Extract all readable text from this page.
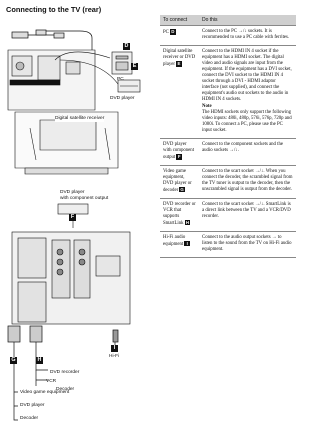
Connecting to the TV (rear)
PC
DVD player
Digital satellite receiver
DVD player
with component output
DVD recorder
VCR
Decoder
Hi-Fi
Video game equipment
DVD player
Decoder
D
E
F
G	H
I
To connect	Do this
PC D	Connect to the PC →/↓ sockets. It is recommended to use a PC cable with ferrites.
Digital satellite receiver or DVD player E	Connect to the HDMI IN 4 socket if the equipment has a HDMI socket. The digital video and audio signals are input from the equipment. If the equipment has a DVI socket, connect the DVI socket to the HDMI IN 4 socket through a DVI - HDMI adaptor interface (not supplied), and connect the equipment's audio out sockets to the audio in HDMI IN 4 sockets.
Note
The HDMI sockets only support the following video inputs: 480i, 480p, 576i, 576p, 720p and 1080i. To connect a PC, please use the PC input socket.
DVD player with component output F	Connect to the component sockets and the audio sockets →/↓.
Video game equipment, DVD player or decoder G	Connect to the scart socket →/↓. When you connect the decoder, the scrambled signal from the TV tuner is output to the decoder, then the unscrambled signal is output from the decoder.
DVD recorder or VCR that supports SmartLink H	Connect to the scart socket →/↓. SmartLink is a direct link between the TV and a VCR/DVD recorder.
Hi-Fi audio equipment I	Connect to the audio output sockets → to listen to the sound from the TV on Hi-Fi audio equipment.
